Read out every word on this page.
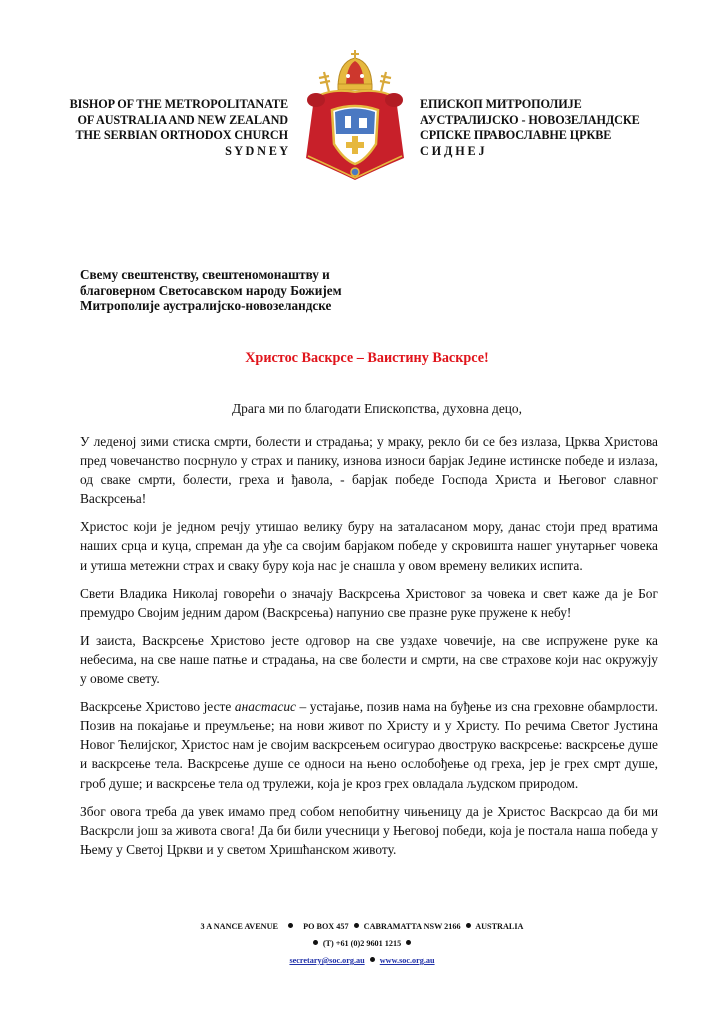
BISHOP OF THE METROPOLITANATE
OF AUSTRALIA AND NEW ZEALAND
THE SERBIAN ORTHODOX CHURCH
S Y D N E Y
ЕПИСКОП МИТРОПОЛИЈЕ
АУСТРАЛИЈСКО - НОВОЗЕЛАНДСКЕ
СРПСКЕ ПРАВОСЛАВНЕ ЦРКВЕ
С И Д Н Е Ј
Свему свештенству, свештеномонаштву и
благоверном Светосавском народу Божијем
Митрополије аустралијско-новозеландске
Христос Васкрсе – Ваистину Васкрсе!
Драга ми по благодати Епископства, духовна децо,

У леденој зими стиска смрти, болести и страдања; у мраку, рекло би се без излаза, Црква Христова пред човечанство посрнуло у страх и панику, изнова износи барјак Једине истинске победе и излаза, од сваке смрти, болести, греха и ђавола, - барјак победе Господа Христа и Његовог славног Васкрсења!

Христос који је једном речју утишао велику буру на заталасаном мору, данас стоји пред вратима наших срца и куца, спреман да уђе са својим барјаком победе у скровишта нашег унутарњег човека и утиша метежни страх и сваку буру која нас је снашла у овом времену великих испита.

Свети Владика Николај говорећи о значају Васкрсења Христовог за човека и свет каже да је Бог премудро Својим једним даром (Васкрсења) напунио све празне руке пружене к небу!

И заиста, Васкрсење Христово јесте одговор на све уздахе човечије, на све испружене руке ка небесима, на све наше патње и страдања, на све болести и смрти, на све страхове који нас окружују у овоме свету.

Васкрсење Христово јесте анастасис – устајање, позив нама на буђење из сна греховне обамрлости. Позив на покајање и преумљење; на нови живот по Христу и у Христу. По речима Светог Јустина Новог Ћелијског, Христос нам је својим васкрсењем осигурао двоструко васкрсење: васкрсење душе и васкрсење тела. Васкрсење душе се односи на њено ослобођење од греха, јер је грех смрт душе, гроб душе; и васкрсење тела од трулежи, која је кроз грех овладала људском природом.

Због овога треба да увек имамо пред собом непобитну чињеницу да је Христос Васкрсао да би ми Васкрсли још за живота свога! Да би били учесници у Његовој победи, која је постала наша победа у Њему у Светој Цркви и у светом Хришћанском животу.

3 A NANCE AVENUE	PO BOX 457 CABRAMATTA NSW 2166 AUSTRALIA
(T) +61 (0)2 9601 1215
secretary@soc.org.au www.soc.org.au
